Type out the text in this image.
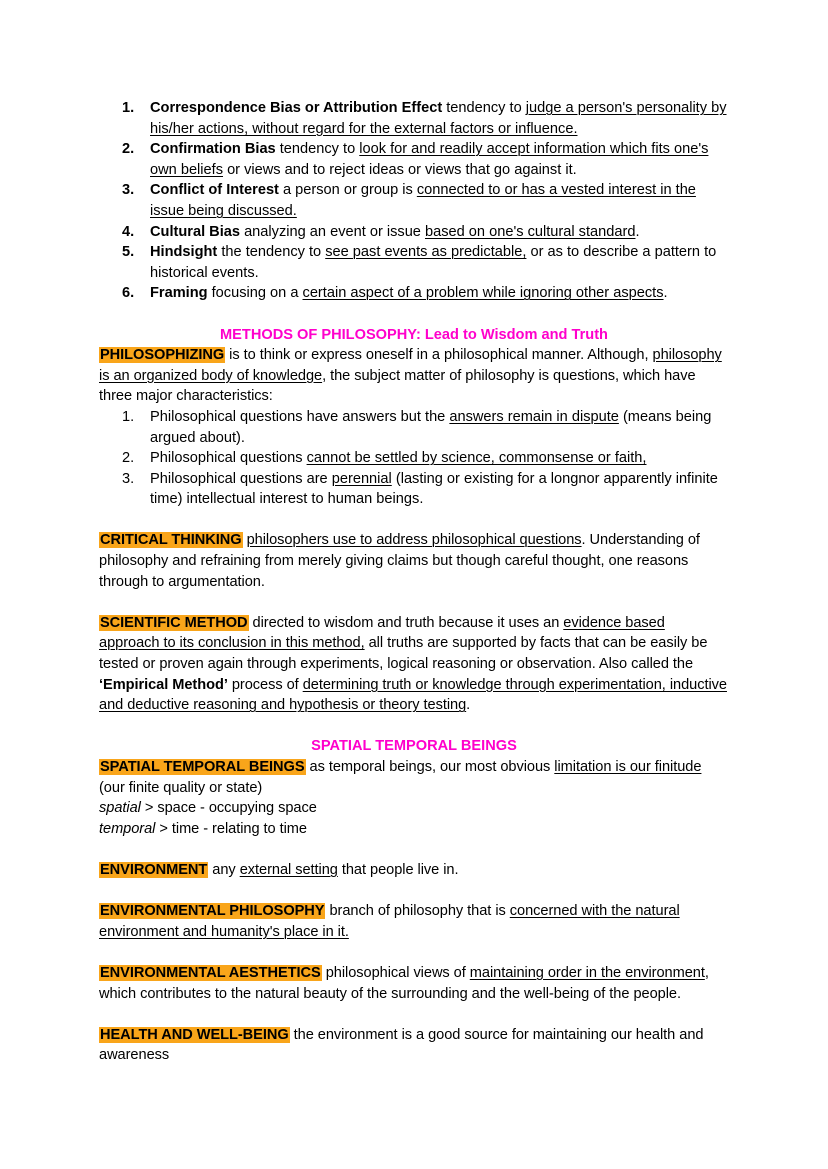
1.	Correspondence Bias or Attribution Effect tendency to judge a person's personality by his/her actions, without regard for the external factors or influence.
2.	Confirmation Bias tendency to look for and readily accept information which fits one's own beliefs or views and to reject ideas or views that go against it.
3.	Conflict of Interest a person or group is connected to or has a vested interest in the issue being discussed.
4.	Cultural Bias analyzing an event or issue based on one's cultural standard.
5.	Hindsight the tendency to see past events as predictable, or as to describe a pattern to historical events.
6.	Framing focusing on a certain aspect of a problem while ignoring other aspects.

METHODS OF PHILOSOPHY: Lead to Wisdom and Truth

PHILOSOPHIZING is to think or express oneself in a philosophical manner. Although, philosophy is an organized body of knowledge, the subject matter of philosophy is questions, which have three major characteristics:

1.	Philosophical questions have answers but the answers remain in dispute (means being argued about).
2.	Philosophical questions cannot be settled by science, commonsense or faith,
3.	Philosophical questions are perennial (lasting or existing for a longnor apparently infinite time) intellectual interest to human beings.

CRITICAL THINKING philosophers use to address philosophical questions. Understanding of philosophy and refraining from merely giving claims but though careful thought, one reasons through to argumentation.

SCIENTIFIC METHOD directed to wisdom and truth because it uses an evidence based approach to its conclusion in this method, all truths are supported by facts that can be easily be tested or proven again through experiments, logical reasoning or observation. Also called the ‘Empirical Method’ process of determining truth or knowledge through experimentation, inductive and deductive reasoning and hypothesis or theory testing.

SPATIAL TEMPORAL BEINGS

SPATIAL TEMPORAL BEINGS as temporal beings, our most obvious limitation is our finitude (our finite quality or state)

spatial > space - occupying space

temporal > time - relating to time

ENVIRONMENT any external setting that people live in.

ENVIRONMENTAL PHILOSOPHY branch of philosophy that is concerned with the natural environment and humanity's place in it.

ENVIRONMENTAL AESTHETICS philosophical views of maintaining order in the environment, which contributes to the natural beauty of the surrounding and the well-being of the people.

HEALTH AND WELL-BEING the environment is a good source for maintaining our health and awareness
